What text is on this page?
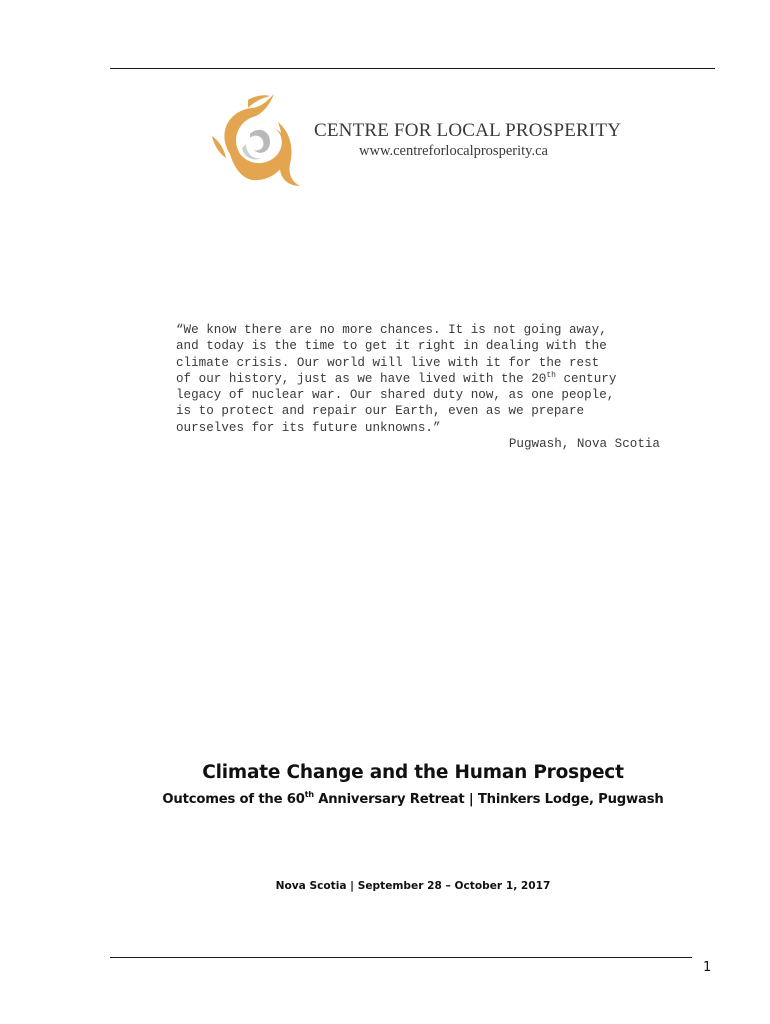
CENTRE FOR LOCAL PROSPERITY
www.centreforlocalprosperity.ca
“We know there are no more chances. It is not going away,
and today is the time to get it right in dealing with the
climate crisis. Our world will live with it for the rest
of our history, just as we have lived with the 20th century
legacy of nuclear war. Our shared duty now, as one people,
is to protect and repair our Earth, even as we prepare
ourselves for its future unknowns.”
Pugwash, Nova Scotia
Climate Change and the Human Prospect
Outcomes of the 60th Anniversary Retreat | Thinkers Lodge, Pugwash
Nova Scotia | September 28 – October 1, 2017
1
